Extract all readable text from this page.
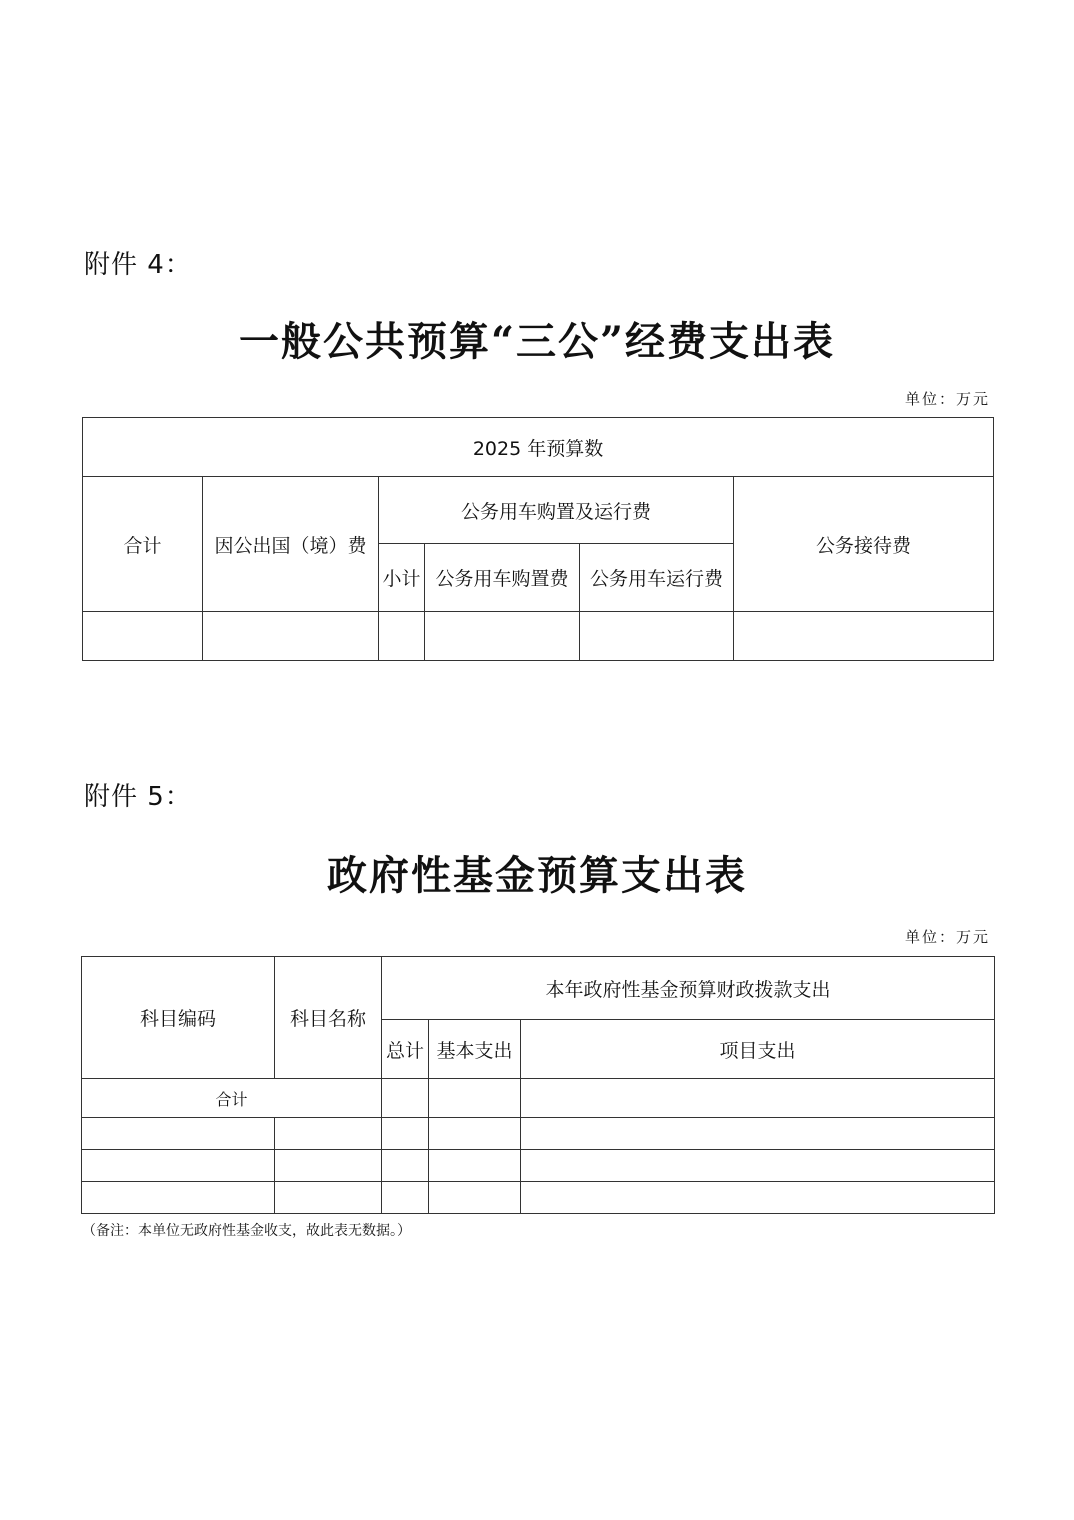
附件 4：
一般公共预算“三公”经费支出表
单位：万元
2025 年预算数					
合计	因公出国（境）费	公务用车购置及运行费			公务接待费
		小计	公务用车购置费	公务用车运行费	

附件 5：
政府性基金预算支出表
单位：万元
科目编码	科目名称	本年政府性基金预算财政拨款支出		
		总计	基本支出	项目支出
合计				

（备注：本单位无政府性基金收支，故此表无数据。）
